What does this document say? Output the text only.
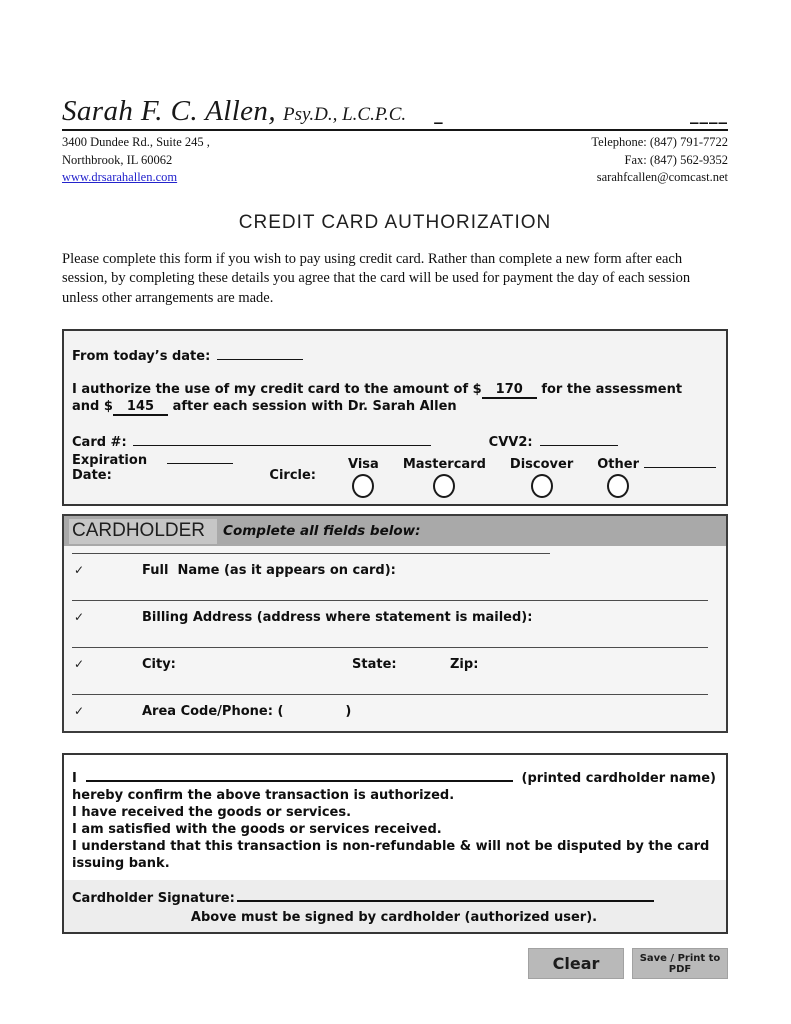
Sarah F. C. Allen, Psy.D., L.C.P.C. _	____
3400 Dundee Rd., Suite 245 ,
Northbrook, IL 60062
www.drsarahallen.com
Telephone: (847) 791-7722
Fax: (847) 562-9352
sarahfcallen@comcast.net
CREDIT CARD AUTHORIZATION

Please complete this form if you wish to pay using credit card. Rather than complete a new form after each session, by completing these details you agree that the card will be used for payment the day of each session unless other arrangements are made.

From today’s date:
I authorize the use of my credit card to the amount of $ 170 for the assessment
and $ 145 after each session with Dr. Sarah Allen
Card #:	CVV2:
Expiration Date:	Circle:
Visa Mastercard Discover Other
CARDHOLDER	Complete all fields below:
✓	Full  Name (as it appears on card):
✓	Billing Address (address where statement is mailed):
✓	City:	State:	Zip:
✓	Area Code/Phone: (	)
I	(printed cardholder name)
hereby confirm the above transaction is authorized.
I have received the goods or services.
I am satisfied with the goods or services received.
I understand that this transaction is non-refundable & will not be disputed by the card issuing bank.
Cardholder Signature:
Above must be signed by cardholder (authorized user).
Clear	Save / Print to PDF
